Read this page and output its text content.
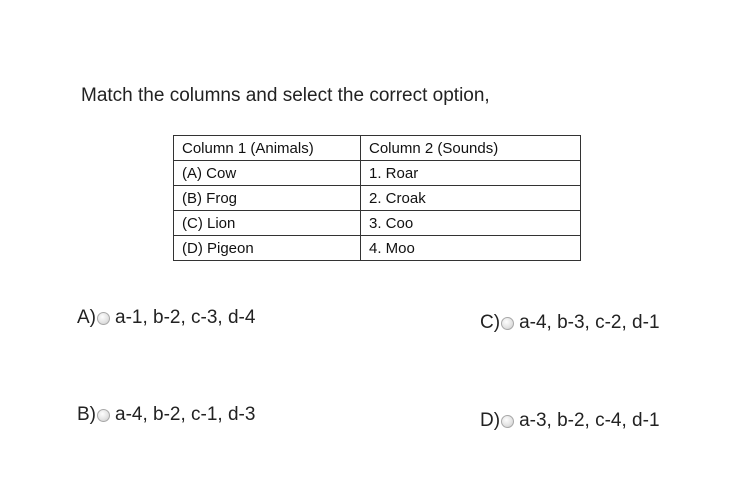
Match the columns and select the correct option,
Column 1 (Animals)	Column 2 (Sounds)
(A) Cow	1. Roar
(B) Frog	2. Croak
(C) Lion	3. Coo
(D) Pigeon	4. Moo
A) a-1, b-2, c-3, d-4
B) a-4, b-2, c-1, d-3
C) a-4, b-3, c-2, d-1
D) a-3, b-2, c-4, d-1
